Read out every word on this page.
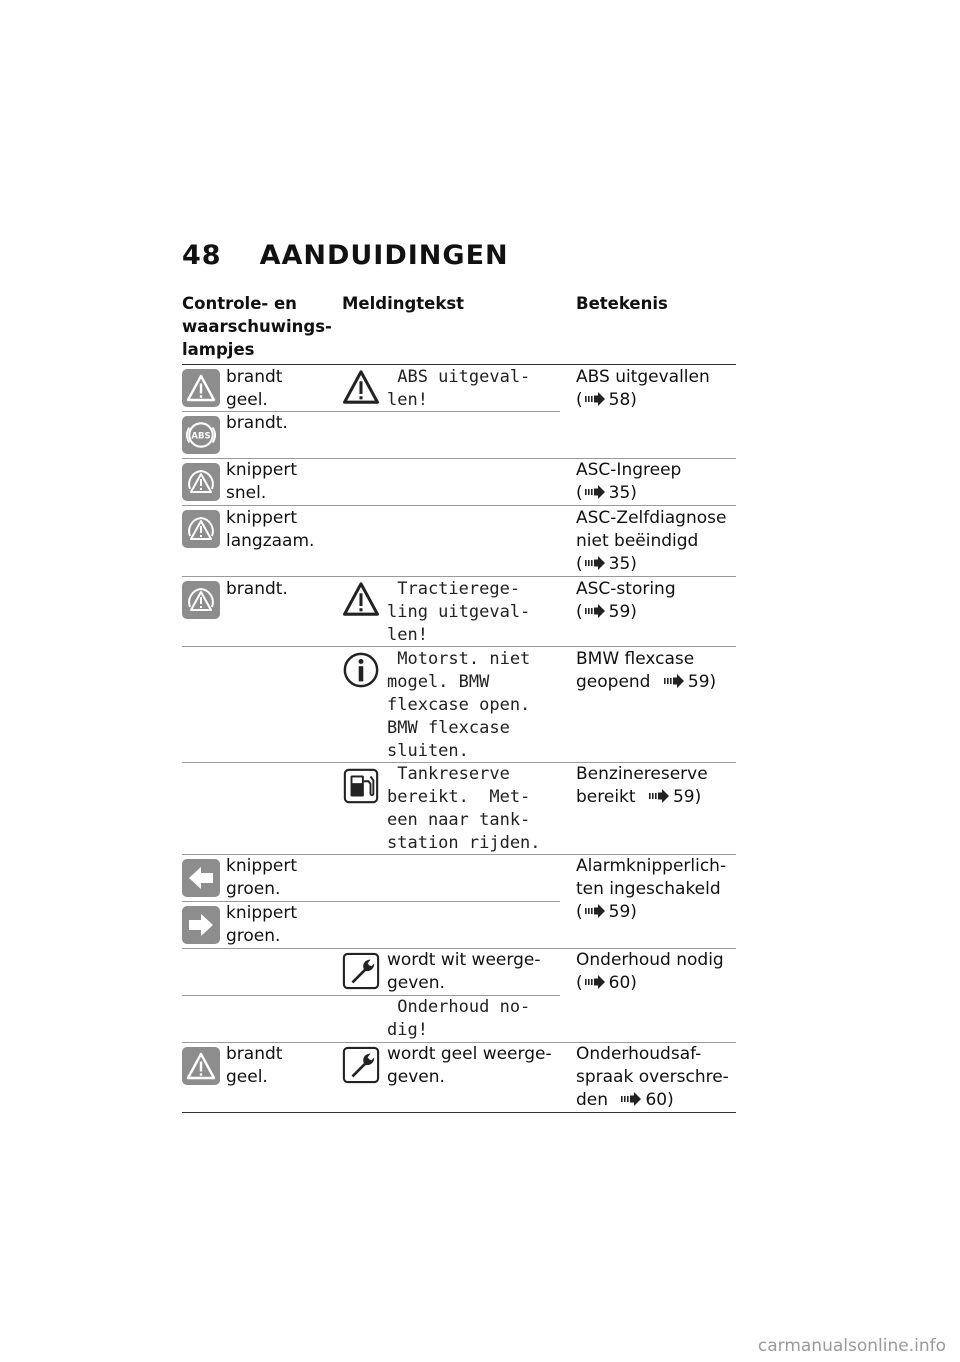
48 AANDUIDINGEN
Controle- en waarschuwings-lampjes
Meldingtekst	Betekenis
brandt geel.
ABS uitgeval-
len!
ABS uitgevallen
( 58)
brandt.
knippert snel.
ASC-Ingreep
( 35)
knippert langzaam.
ASC-Zelfdiagnose niet beëindigd
( 35)
brandt.	Tractierege-
ling uitgeval-
len!
ASC-storing
( 59)
Motorst. niet
mogel. BMW
flexcase open.
BMW flexcase
sluiten.
BMW flexcase geopend 59)
Tankreserve
bereikt.  Met-
een naar tank-
station rijden.
Benzinereserve bereikt 59)
knippert groen.
Alarmknipperlich-ten ingeschakeld
( 59)
knippert groen.
wordt wit weerge-geven.
Onderhoud nodig
( 60)
Onderhoud no-
dig!
brandt geel.
wordt geel weerge-geven.
Onderhoudsaf-spraak overschre-den 60)
carmanualsonline.info
